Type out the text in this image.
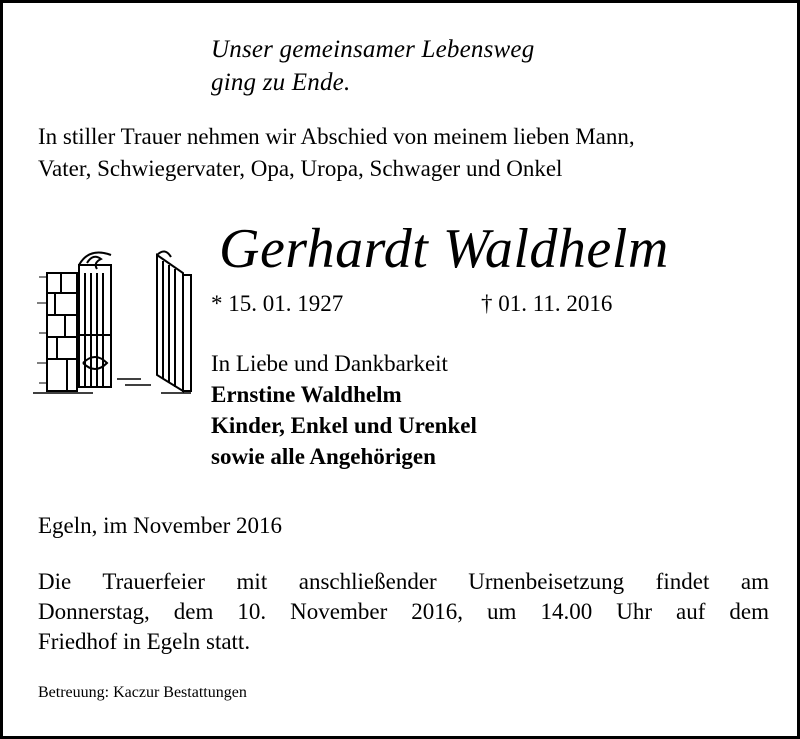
Unser gemeinsamer Lebensweg
ging zu Ende.
In stiller Trauer nehmen wir Abschied von meinem lieben Mann,
Vater, Schwiegervater, Opa, Uropa, Schwager und Onkel
Gerhardt Waldhelm
* 15. 01. 1927	† 01. 11. 2016
In Liebe und Dankbarkeit
Ernstine Waldhelm
Kinder, Enkel und Urenkel
sowie alle Angehörigen
Egeln, im November 2016
Die Trauerfeier mit anschließender Urnenbeisetzung findet am
Donnerstag, dem 10. November 2016, um 14.00 Uhr auf dem
Friedhof in Egeln statt.
Betreuung: Kaczur Bestattungen
